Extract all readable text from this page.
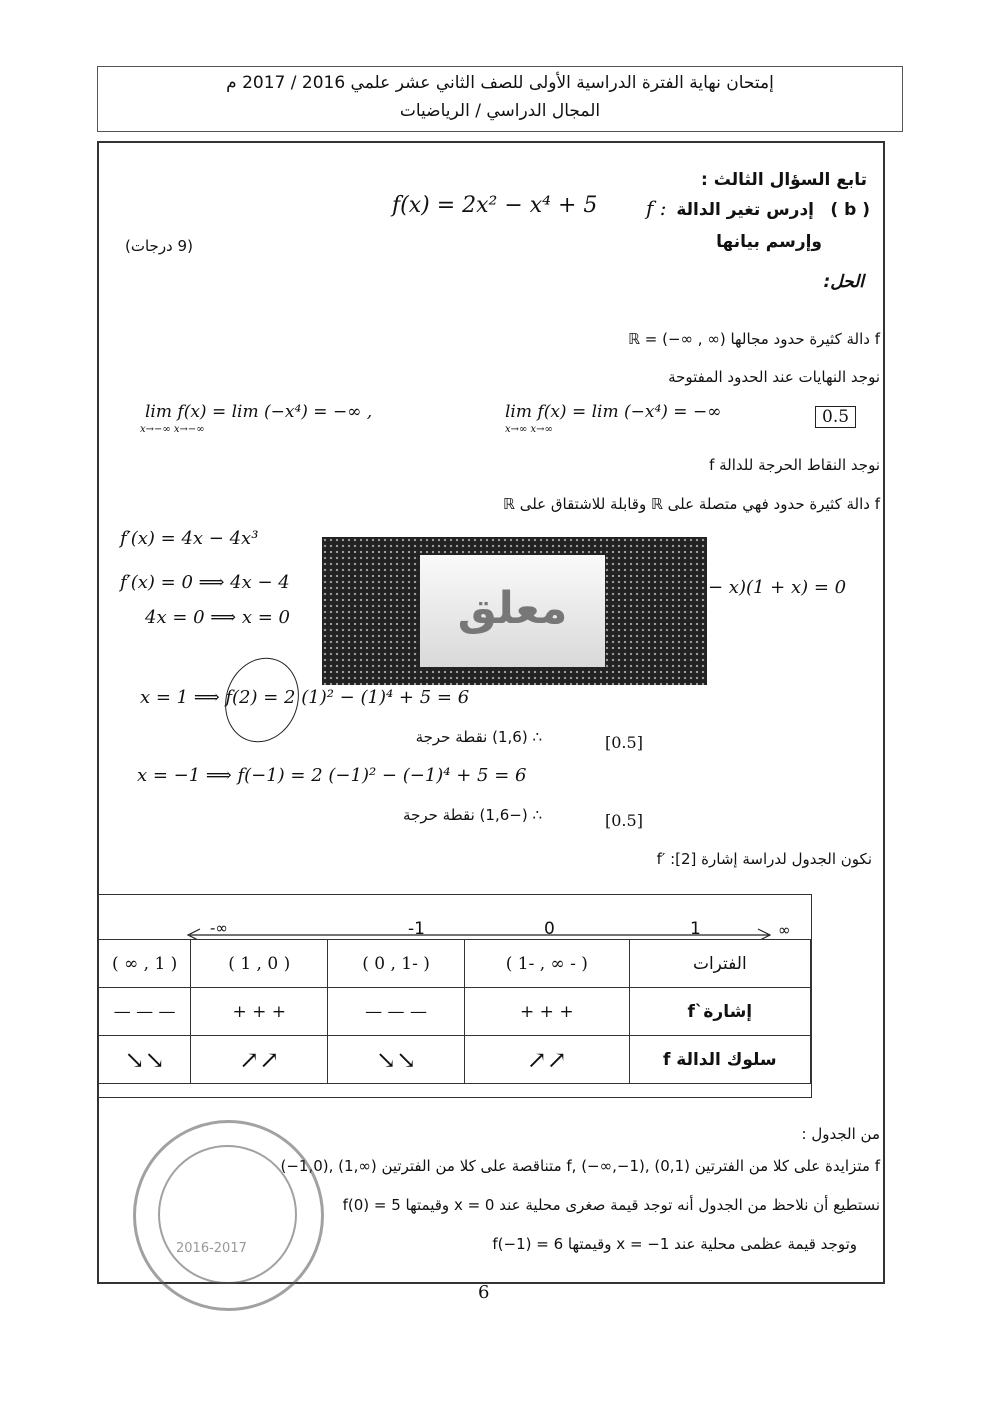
إمتحان نهاية الفترة الدراسية الأولى للصف الثاني عشر علمي 2016 / 2017 م
المجال الدراسي / الرياضيات
تابع السؤال الثالث :
( b )
إدرس تغير الدالة
f :
f(x) = 2x² − x⁴ + 5
وإرسم بيانها
(9 درجات)
الحل:
f دالة كثيرة حدود مجالها (∞ , ∞−) = ℝ
نوجد النهايات عند الحدود المفتوحة
lim f(x) = lim (−x⁴) = −∞ ,
x→−∞ x→−∞
lim f(x) = lim (−x⁴) = −∞
x→∞ x→∞
0.5
نوجد النقاط الحرجة للدالة f
f دالة كثيرة حدود فهي متصلة على ℝ وقابلة للاشتقاق على ℝ
f′(x) = 4x − 4x³
f′(x) = 0 ⟹ 4x − 4	− x)(1 + x) = 0
4x = 0 ⟹ x = 0	معلق
x = 1 ⟹ f(2) = 2 (1)² − (1)⁴ + 5 = 6
∴ (1,6) نقطة حرجة	[0.5]
x = −1 ⟹ f(−1) = 2 (−1)² − (−1)⁴ + 5 = 6
∴ (−1,6) نقطة حرجة	[0.5]
نكون الجدول لدراسة إشارة f′ :[2]
-∞	-1	0	1	∞
( ∞ , 1 )	( 1 , 0 )	( 0 , 1- )	( 1- , ∞ - )	الفترات
— — —	+ + +	— — —	+ + +	إشارة`f
↘↘	↗↗	↘↘	↗↗	سلوك الدالة f
من الجدول :
f متزايدة على كلا من الفترتين (0,1) ,(1−,∞−) ,f متناقصة على كلا من الفترتين (∞,1) ,(1,0−)
نستطيع أن نلاحظ من الجدول أنه توجد قيمة صغرى محلية عند x = 0 وقيمتها f(0) = 5
وتوجد قيمة عظمى محلية عند x = −1 وقيمتها f(−1) = 6
2016-2017
6
